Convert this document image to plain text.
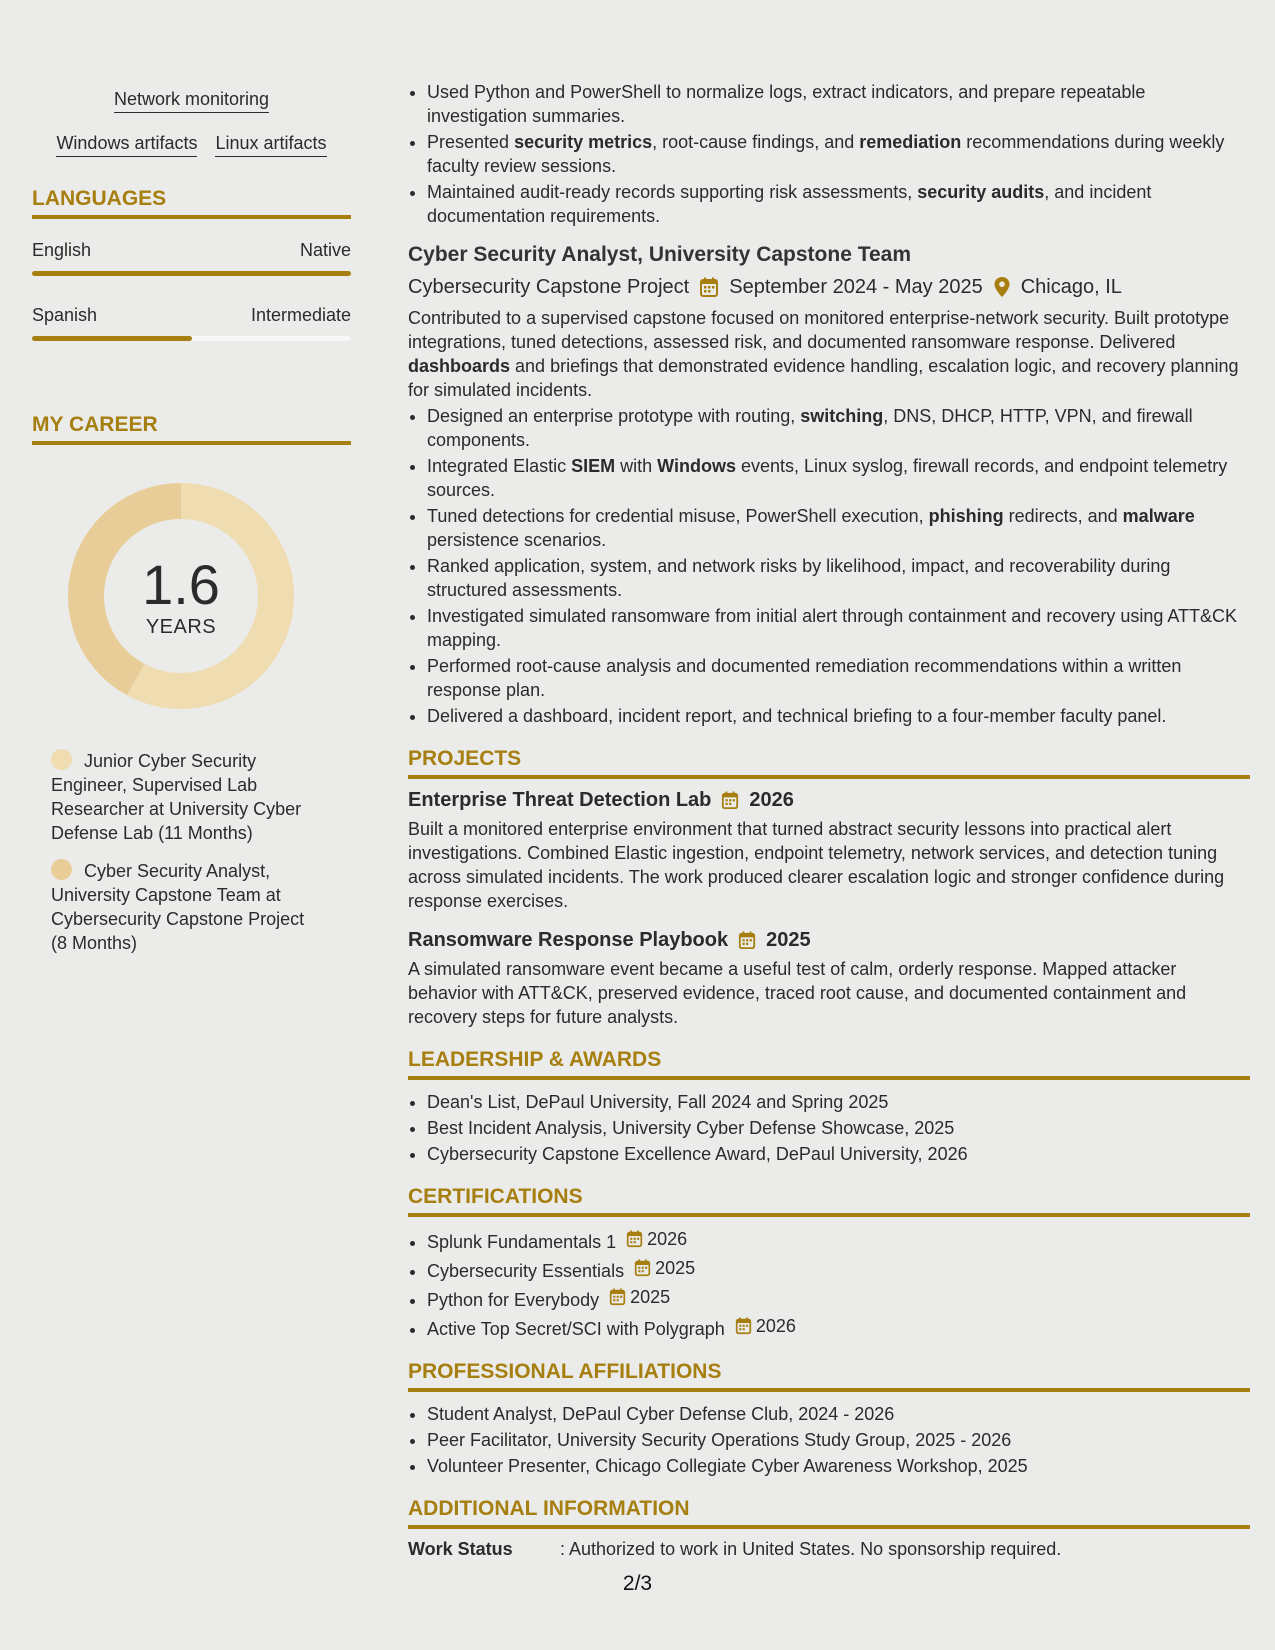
Network monitoring
Windows artifacts Linux artifacts
LANGUAGES
English	Native
Spanish	Intermediate
MY CAREER
1.6
YEARS
Junior Cyber Security Engineer, Supervised Lab Researcher at University Cyber Defense Lab (11 Months)
Cyber Security Analyst, University Capstone Team at Cybersecurity Capstone Project (8 Months)
• Used Python and PowerShell to normalize logs, extract indicators, and prepare repeatable investigation summaries.
• Presented security metrics, root-cause findings, and remediation recommendations during weekly faculty review sessions.
• Maintained audit-ready records supporting risk assessments, security audits, and incident documentation requirements.
Cyber Security Analyst, University Capstone Team
Cybersecurity Capstone Project September 2024 - May 2025 Chicago, IL
Contributed to a supervised capstone focused on monitored enterprise-network security. Built prototype integrations, tuned detections, assessed risk, and documented ransomware response. Delivered dashboards and briefings that demonstrated evidence handling, escalation logic, and recovery planning for simulated incidents.
• Designed an enterprise prototype with routing, switching, DNS, DHCP, HTTP, VPN, and firewall components.
• Integrated Elastic SIEM with Windows events, Linux syslog, firewall records, and endpoint telemetry sources.
• Tuned detections for credential misuse, PowerShell execution, phishing redirects, and malware persistence scenarios.
• Ranked application, system, and network risks by likelihood, impact, and recoverability during structured assessments.
• Investigated simulated ransomware from initial alert through containment and recovery using ATT&CK mapping.
• Performed root-cause analysis and documented remediation recommendations within a written response plan.
• Delivered a dashboard, incident report, and technical briefing to a four-member faculty panel.
PROJECTS
Enterprise Threat Detection Lab 2026
Built a monitored enterprise environment that turned abstract security lessons into practical alert investigations. Combined Elastic ingestion, endpoint telemetry, network services, and detection tuning across simulated incidents. The work produced clearer escalation logic and stronger confidence during response exercises.
Ransomware Response Playbook 2025
A simulated ransomware event became a useful test of calm, orderly response. Mapped attacker behavior with ATT&CK, preserved evidence, traced root cause, and documented containment and recovery steps for future analysts.
LEADERSHIP & AWARDS
• Dean's List, DePaul University, Fall 2024 and Spring 2025
• Best Incident Analysis, University Cyber Defense Showcase, 2025
• Cybersecurity Capstone Excellence Award, DePaul University, 2026
CERTIFICATIONS
• Splunk Fundamentals 1 2026
• Cybersecurity Essentials 2025
• Python for Everybody 2025
• Active Top Secret/SCI with Polygraph 2026
PROFESSIONAL AFFILIATIONS
• Student Analyst, DePaul Cyber Defense Club, 2024 - 2026
• Peer Facilitator, University Security Operations Study Group, 2025 - 2026
• Volunteer Presenter, Chicago Collegiate Cyber Awareness Workshop, 2025
ADDITIONAL INFORMATION
Work Status	: Authorized to work in United States. No sponsorship required.
2/3
